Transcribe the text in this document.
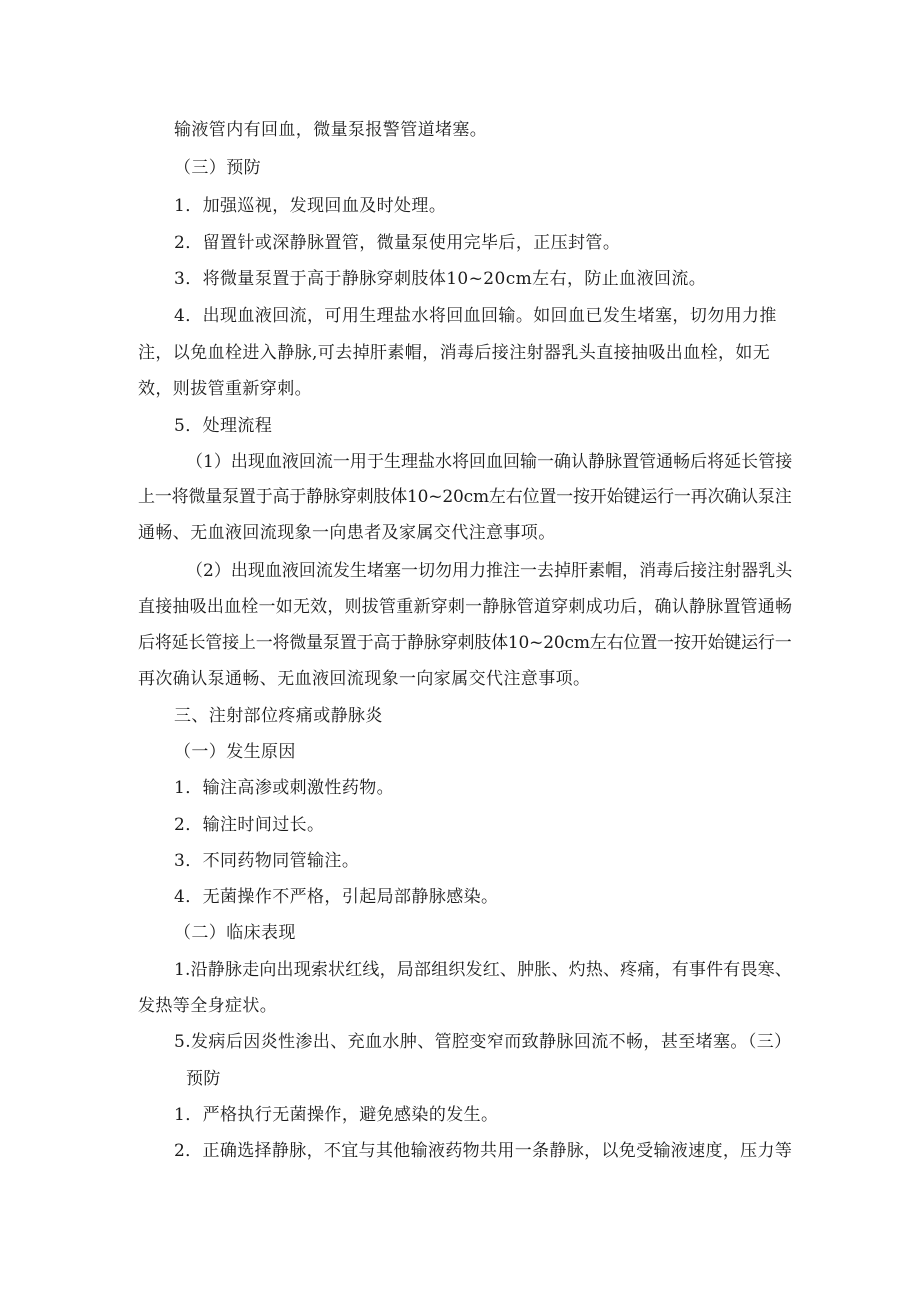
输液管内有回血，微量泵报警管道堵塞。
（三）预防
1．加强巡视，发现回血及时处理。
2．留置针或深静脉置管，微量泵使用完毕后，正压封管。
3．将微量泵置于高于静脉穿刺肢体10~20cm左右，防止血液回流。
4．出现血液回流，可用生理盐水将回血回输。如回血已发生堵塞，切勿用力推
注，以免血栓进入静脉,可去掉肝素帽，消毒后接注射器乳头直接抽吸出血栓，如无
效，则拔管重新穿刺。
5．处理流程
（1）出现血液回流一用于生理盐水将回血回输一确认静脉置管通畅后将延长管接
上一将微量泵置于高于静脉穿刺肢体10~20cm左右位置一按开始键运行一再次确认泵注
通畅、无血液回流现象一向患者及家属交代注意事项。
（2）出现血液回流发生堵塞一切勿用力推注一去掉肝素帽，消毒后接注射器乳头
直接抽吸出血栓一如无效，则拔管重新穿刺一静脉管道穿刺成功后，确认静脉置管通畅
后将延长管接上一将微量泵置于高于静脉穿刺肢体10~20cm左右位置一按开始键运行一
再次确认泵通畅、无血液回流现象一向家属交代注意事项。
三、注射部位疼痛或静脉炎
（一）发生原因
1．输注高渗或刺激性药物。
2．输注时间过长。
3．不同药物同管输注。
4．无菌操作不严格，引起局部静脉感染。
（二）临床表现
1.沿静脉走向出现索状红线，局部组织发红、肿胀、灼热、疼痛，有事件有畏寒、
发热等全身症状。
5.发病后因炎性渗出、充血水肿、管腔变窄而致静脉回流不畅，甚至堵塞。（三）
预防
1．严格执行无菌操作，避免感染的发生。
2．正确选择静脉，不宜与其他输液药物共用一条静脉，以免受输液速度，压力等
